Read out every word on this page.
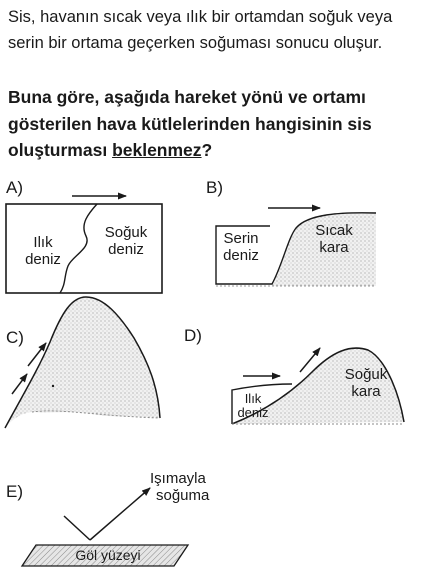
Sis, havanın sıcak veya ılık bir ortamdan soğuk veya serin bir ortama geçerken soğuması sonucu oluşur.

Buna göre, aşağıda hareket yönü ve ortamı gösterilen hava kütlelerinden hangisinin sis oluşturması beklenmez?

A)	B)
C)	D)
E)
Ilık
deniz
Soğuk
deniz
Serin
deniz
Sıcak
kara
Ilık
deniz
Soğuk
kara
Işımayla
soğuma
Göl yüzeyi
